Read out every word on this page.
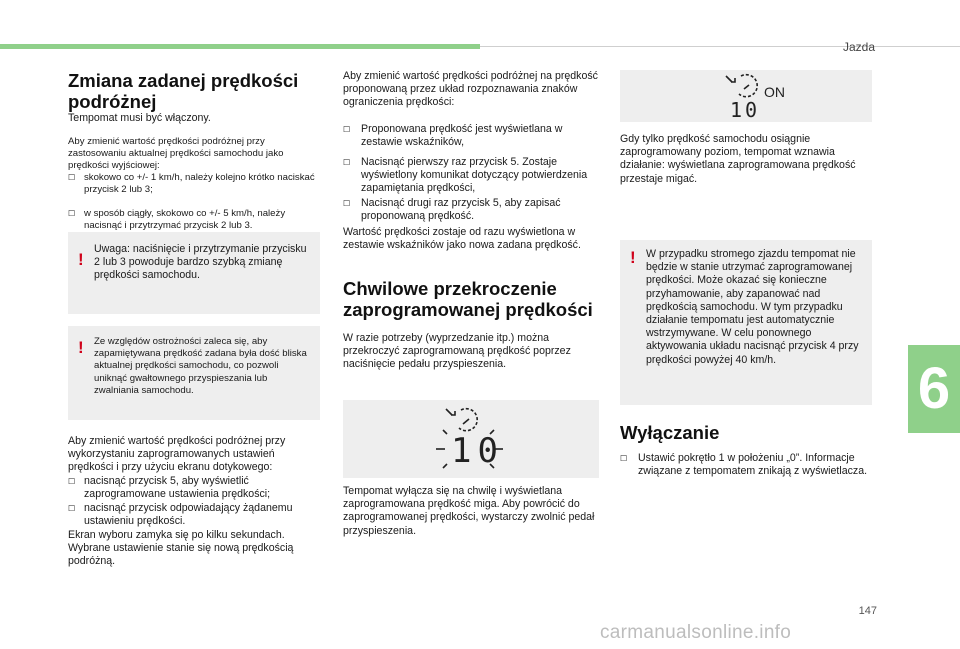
Jazda
Zmiana zadanej prędkości podróżnej

Tempomat musi być włączony.

Aby zmienić wartość prędkości podróżnej przy zastosowaniu aktualnej prędkości samochodu jako prędkości wyjściowej:

☐ skokowo co +/- 1 km/h, należy kolejno krótko naciskać przycisk 2 lub 3;
☐ w sposób ciągły, skokowo co +/- 5 km/h, należy nacisnąć i przytrzymać przycisk 2 lub 3.
!

Uwaga: naciśnięcie i przytrzymanie przycisku 2 lub 3 powoduje bardzo szybką zmianę prędkości samochodu.

! Ze względów ostrożności zaleca się, aby zapamiętywana prędkość zadana była dość bliska aktualnej prędkości samochodu, co pozwoli uniknąć gwałtownego przyspieszania lub zwalniania samochodu.

Aby zmienić wartość prędkości podróżnej przy wykorzystaniu zaprogramowanych ustawień prędkości i przy użyciu ekranu dotykowego:

☐ nacisnąć przycisk 5, aby wyświetlić zaprogramowane ustawienia prędkości;
☐ nacisnąć przycisk odpowiadający żądanemu ustawieniu prędkości.

Ekran wyboru zamyka się po kilku sekundach. Wybrane ustawienie stanie się nową prędkością podróżną.

Aby zmienić wartość prędkości podróżnej na prędkość proponowaną przez układ rozpoznawania znaków ograniczenia prędkości:

☐	Proponowana prędkość jest wyświetlana w zestawie wskaźników,
☐	Nacisnąć pierwszy raz przycisk 5. Zostaje wyświetlony komunikat dotyczący potwierdzenia zapamiętania prędkości,
☐	Nacisnąć drugi raz przycisk 5, aby zapisać proponowaną prędkość.

Wartość prędkości zostaje od razu wyświetlona w zestawie wskaźników jako nowa zadana prędkość.

Chwilowe przekroczenie zaprogramowanej prędkości

W razie potrzeby (wyprzedzanie itp.) można przekroczyć zaprogramowaną prędkość poprzez naciśnięcie pedału przyspieszenia.

10

Tempomat wyłącza się na chwilę i wyświetlana zaprogramowana prędkość miga. Aby powrócić do zaprogramowanej prędkości, wystarczy zwolnić pedał przyspieszenia.

ON
10

Gdy tylko prędkość samochodu osiągnie zaprogramowany poziom, tempomat wznawia działanie: wyświetlana zaprogramowana prędkość przestaje migać.

! W przypadku stromego zjazdu tempomat nie będzie w stanie utrzymać zaprogramowanej prędkości. Może okazać się konieczne przyhamowanie, aby zapanować nad prędkością samochodu. W tym przypadku działanie tempomatu jest automatycznie wstrzymywane. W celu ponownego aktywowania układu nacisnąć przycisk 4 przy prędkości powyżej 40 km/h.

Wyłączanie
☐	Ustawić pokrętło 1 w położeniu „0”. Informacje związane z tempomatem znikają z wyświetlacza.
6
147
carmanualsonline.info
